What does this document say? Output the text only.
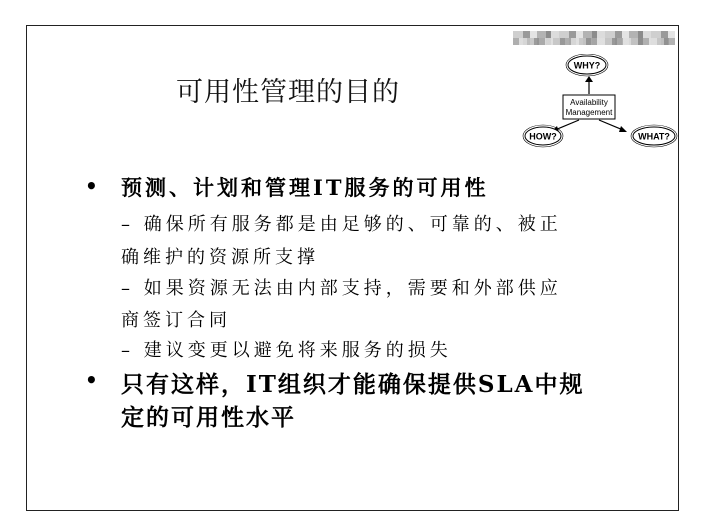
可用性管理的目的
WHY?
Availability
Management
HOW?	WHAT?
• 预测、计划和管理IT服务的可用性
– 确保所有服务都是由足够的、可靠的、被正
确维护的资源所支撑
– 如果资源无法由内部支持，需要和外部供应
商签订合同
– 建议变更以避免将来服务的损失
• 只有这样，IT组织才能确保提供SLA中规
定的可用性水平
